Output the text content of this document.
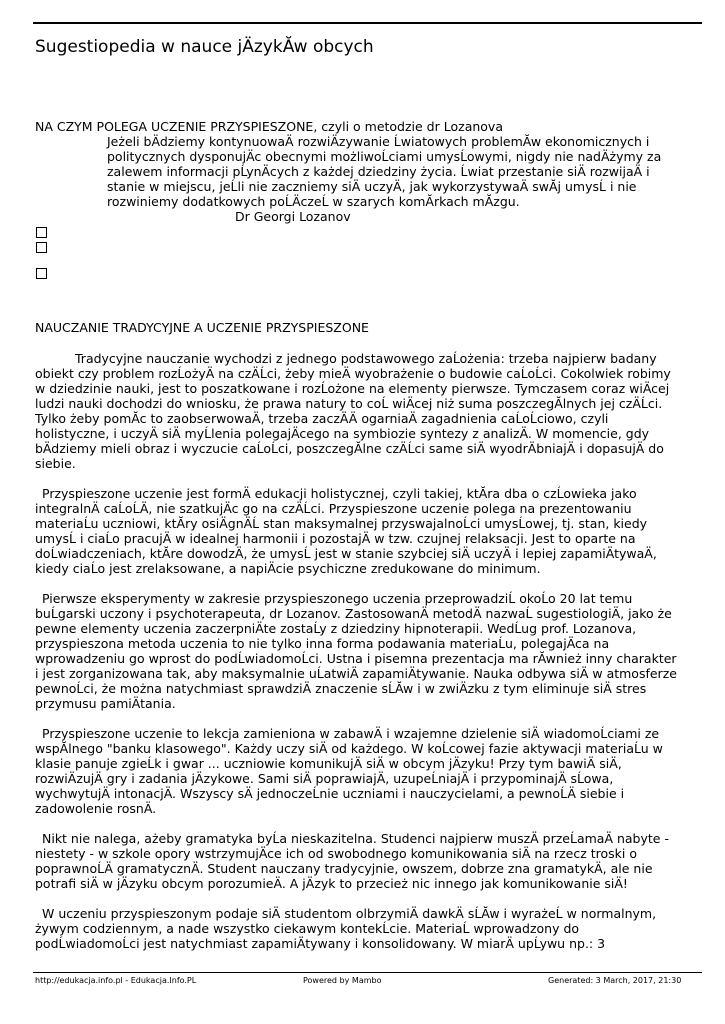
Sugestiopedia w nauce jÄzykĂw obcych

NA CZYM POLEGA UCZENIE PRZYSPIESZONE, czyli o metodzie dr Lozanova

Jeżeli bÄdziemy kontynuowaÄ rozwiÄzywanie Ĺwiatowych problemĂw ekonomicznych i politycznych dysponujÄc obecnymi możliwoĹciami umysĹowymi, nigdy nie nadÄżymy za zalewem informacji pĹynÄcych z każdej dziedziny życia. Ĺwiat przestanie siÄ rozwijaÄ i stanie w miejscu, jeĹli nie zaczniemy siÄ uczyÄ, jak wykorzystywaÄ swĂj umysĹ i nie rozwiniemy dodatkowych poĹÄczeĹ w szarych komĂrkach mĂzgu.

Dr Georgi Lozanov

NAUCZANIE TRADYCYJNE A UCZENIE PRZYSPIESZONE

Tradycyjne nauczanie wychodzi z jednego podstawowego zaĹożenia: trzeba najpierw badany obiekt czy problem rozĹożyÄ na czÄĹci, żeby mieÄ wyobrażenie o budowie caĹoĹci. Cokolwiek robimy w dziedzinie nauki, jest to poszatkowane i rozĹożone na elementy pierwsze. Tymczasem coraz wiÄcej ludzi nauki dochodzi do wniosku, że prawa natury to coĹ wiÄcej niż suma poszczegĂlnych jej czÄĹci. Tylko żeby pomĂc to zaobserwowaÄ, trzeba zaczÄÄ ogarniaÄ zagadnienia caĹoĹciowo, czyli holistyczne, i uczyÄ siÄ myĹlenia polegajÄcego na symbiozie syntezy z analizÄ. W momencie, gdy bÄdziemy mieli obraz i wyczucie caĹoĹci, poszczegĂlne czÄĹci same siÄ wyodrÄbniajÄ i dopasujÄ do siebie.

Przyspieszone uczenie jest formÄ edukacji holistycznej, czyli takiej, ktĂra dba o czĹowieka jako integralnÄ caĹoĹÄ, nie szatkujÄc go na czÄĹci. Przyspieszone uczenie polega na prezentowaniu materiaĹu uczniowi, ktĂry osiÄgnÄĹ stan maksymalnej przyswajalnoĹci umysĹowej, tj. stan, kiedy umysĹ i ciaĹo pracujÄ w idealnej harmonii i pozostajÄ w tzw. czujnej relaksacji. Jest to oparte na doĹwiadczeniach, ktĂre dowodzÄ, że umysĹ jest w stanie szybciej siÄ uczyÄ i lepiej zapamiÄtywaÄ, kiedy ciaĹo jest zrelaksowane, a napiÄcie psychiczne zredukowane do minimum.

Pierwsze eksperymenty w zakresie przyspieszonego uczenia przeprowadziĹ okoĹo 20 lat temu buĹgarski uczony i psychoterapeuta, dr Lozanov. ZastosowanÄ metodÄ nazwaĹ sugestiologiÄ, jako że pewne elementy uczenia zaczerpniÄte zostaĹy z dziedziny hipnoterapii. WedĹug prof. Lozanova, przyspieszona metoda uczenia to nie tylko inna forma podawania materiaĹu, polegajÄca na wprowadzeniu go wprost do podĹwiadomoĹci. Ustna i pisemna prezentacja ma rĂwnież inny charakter i jest zorganizowana tak, aby maksymalnie uĹatwiÄ zapamiÄtywanie. Nauka odbywa siÄ w atmosferze pewnoĹci, że można natychmiast sprawdziÄ znaczenie sĹĂw i w zwiÄzku z tym eliminuje siÄ stres przymusu pamiÄtania.

Przyspieszone uczenie to lekcja zamieniona w zabawÄ i wzajemne dzielenie siÄ wiadomoĹciami ze wspĂlnego "banku klasowego". Każdy uczy siÄ od każdego. W koĹcowej fazie aktywacji materiaĹu w klasie panuje zgieĹk i gwar ... uczniowie komunikujÄ siÄ w obcym jÄzyku! Przy tym bawiÄ siÄ, rozwiÄzujÄ gry i zadania jÄzykowe. Sami siÄ poprawiajÄ, uzupeĹniajÄ i przypominajÄ sĹowa, wychwytujÄ intonacjÄ. Wszyscy sÄ jednoczeĹnie uczniami i nauczycielami, a pewnoĹÄ siebie i zadowolenie rosnÄ.

Nikt nie nalega, ażeby gramatyka byĹa nieskazitelna. Studenci najpierw muszÄ przeĹamaÄ nabyte - niestety - w szkole opory wstrzymujÄce ich od swobodnego komunikowania siÄ na rzecz troski o poprawnoĹÄ gramatycznÄ. Student nauczany tradycyjnie, owszem, dobrze zna gramatykÄ, ale nie potrafi siÄ w jÄzyku obcym porozumieÄ. A jÄzyk to przecież nic innego jak komunikowanie siÄ!

W uczeniu przyspieszonym podaje siÄ studentom olbrzymiÄ dawkÄ sĹĂw i wyrażeĹ w normalnym, żywym codziennym, a nade wszystko ciekawym kontekĹcie. MateriaĹ wprowadzony do podĹwiadomoĹci jest natychmiast zapamiÄtywany i konsolidowany. W miarÄ upĹywu np.: 3

http://edukacja.info.pl - Edukacja.Info.PL	Powered by Mambo	Generated: 3 March, 2017, 21:30
